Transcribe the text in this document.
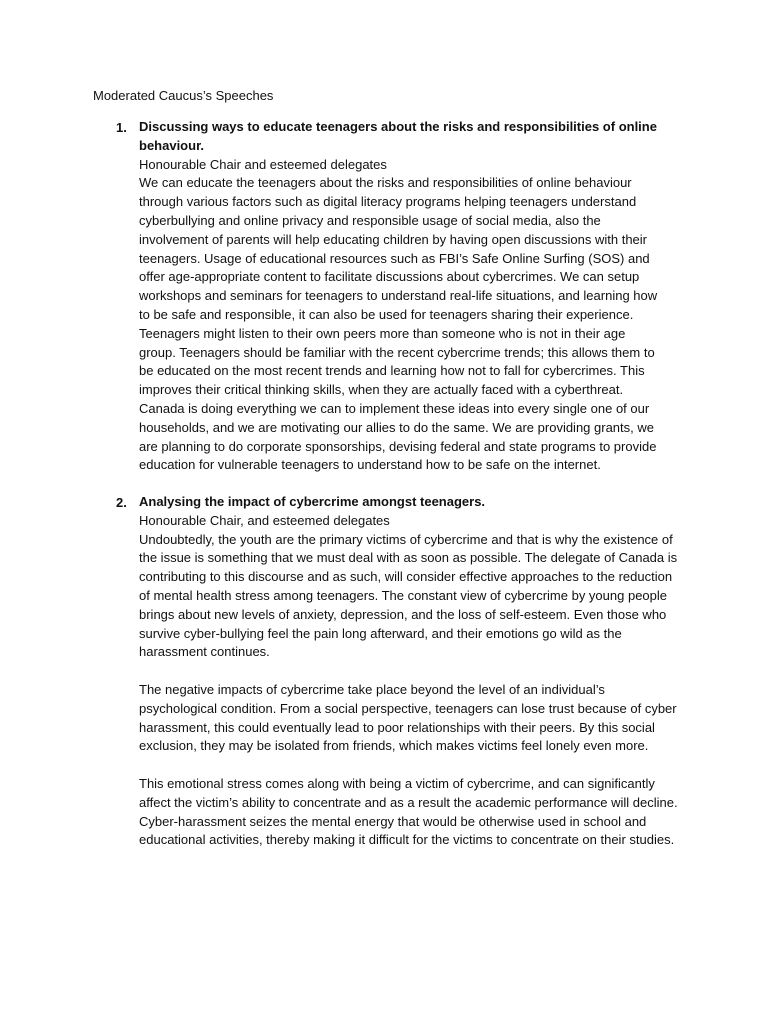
Moderated Caucus’s Speeches
1. Discussing ways to educate teenagers about the risks and responsibilities of online behaviour.

Honourable Chair and esteemed delegates

We can educate the teenagers about the risks and responsibilities of online behaviour through various factors such as digital literacy programs helping teenagers understand cyberbullying and online privacy and responsible usage of social media, also the involvement of parents will help educating children by having open discussions with their teenagers. Usage of educational resources such as FBI’s Safe Online Surfing (SOS) and offer age-appropriate content to facilitate discussions about cybercrimes. We can setup workshops and seminars for teenagers to understand real-life situations, and learning how to be safe and responsible, it can also be used for teenagers sharing their experience. Teenagers might listen to their own peers more than someone who is not in their age group. Teenagers should be familiar with the recent cybercrime trends; this allows them to be educated on the most recent trends and learning how not to fall for cybercrimes. This improves their critical thinking skills, when they are actually faced with a cyberthreat. Canada is doing everything we can to implement these ideas into every single one of our households, and we are motivating our allies to do the same. We are providing grants, we are planning to do corporate sponsorships, devising federal and state programs to provide education for vulnerable teenagers to understand how to be safe on the internet.

2. Analysing the impact of cybercrime amongst teenagers.

Honourable Chair, and esteemed delegates

Undoubtedly, the youth are the primary victims of cybercrime and that is why the existence of the issue is something that we must deal with as soon as possible. The delegate of Canada is contributing to this discourse and as such, will consider effective approaches to the reduction of mental health stress among teenagers. The constant view of cybercrime by young people brings about new levels of anxiety, depression, and the loss of self-esteem. Even those who survive cyber-bullying feel the pain long afterward, and their emotions go wild as the harassment continues.

The negative impacts of cybercrime take place beyond the level of an individual’s psychological condition. From a social perspective, teenagers can lose trust because of cyber harassment, this could eventually lead to poor relationships with their peers. By this social exclusion, they may be isolated from friends, which makes victims feel lonely even more.

This emotional stress comes along with being a victim of cybercrime, and can significantly affect the victim’s ability to concentrate and as a result the academic performance will decline. Cyber-harassment seizes the mental energy that would be otherwise used in school and educational activities, thereby making it difficult for the victims to concentrate on their studies.
